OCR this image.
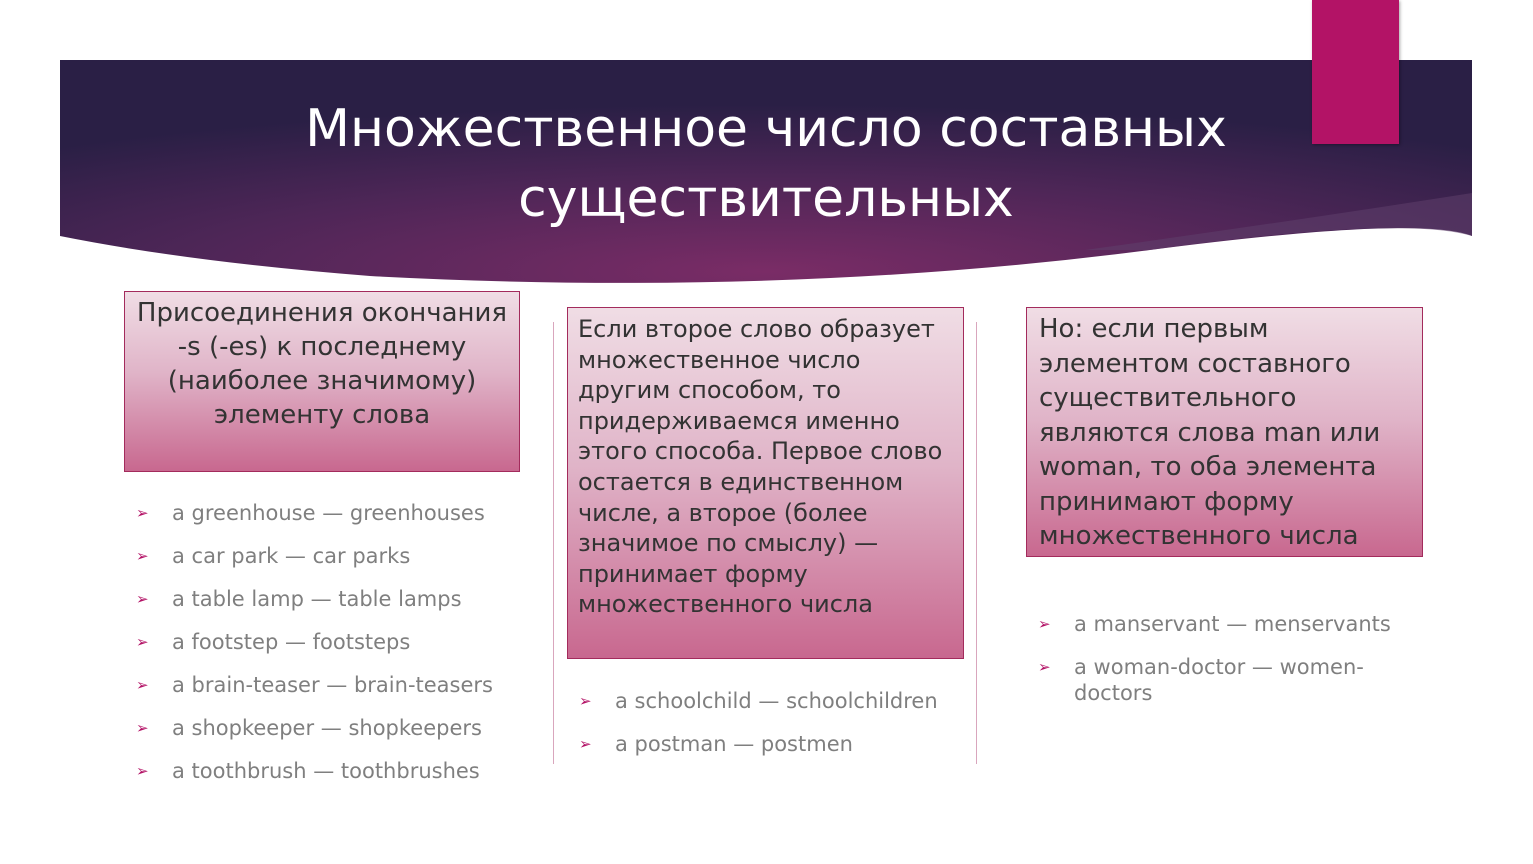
Множественное число составных
существительных
Присоединения окончания -s (-es) к последнему (наиболее значимому) элементу слова
➢ a greenhouse — greenhouses
➢ a car park — car parks
➢ a table lamp — table lamps
➢ a footstep — footsteps
➢ a brain-teaser — brain-teasers
➢ a shopkeeper — shopkeepers
➢ a toothbrush — toothbrushes
Если второе слово образует множественное число другим способом, то придерживаемся именно этого способа. Первое слово остается в единственном числе, а второе (более значимое по смыслу) — принимает форму множественного числа
➢ a schoolchild — schoolchildren
➢ a postman — postmen
Но: если первым элементом составного существительного являются слова man или woman, то оба элемента принимают форму множественного числа
➢ a manservant — menservants
➢ a woman-doctor — women-doctors
